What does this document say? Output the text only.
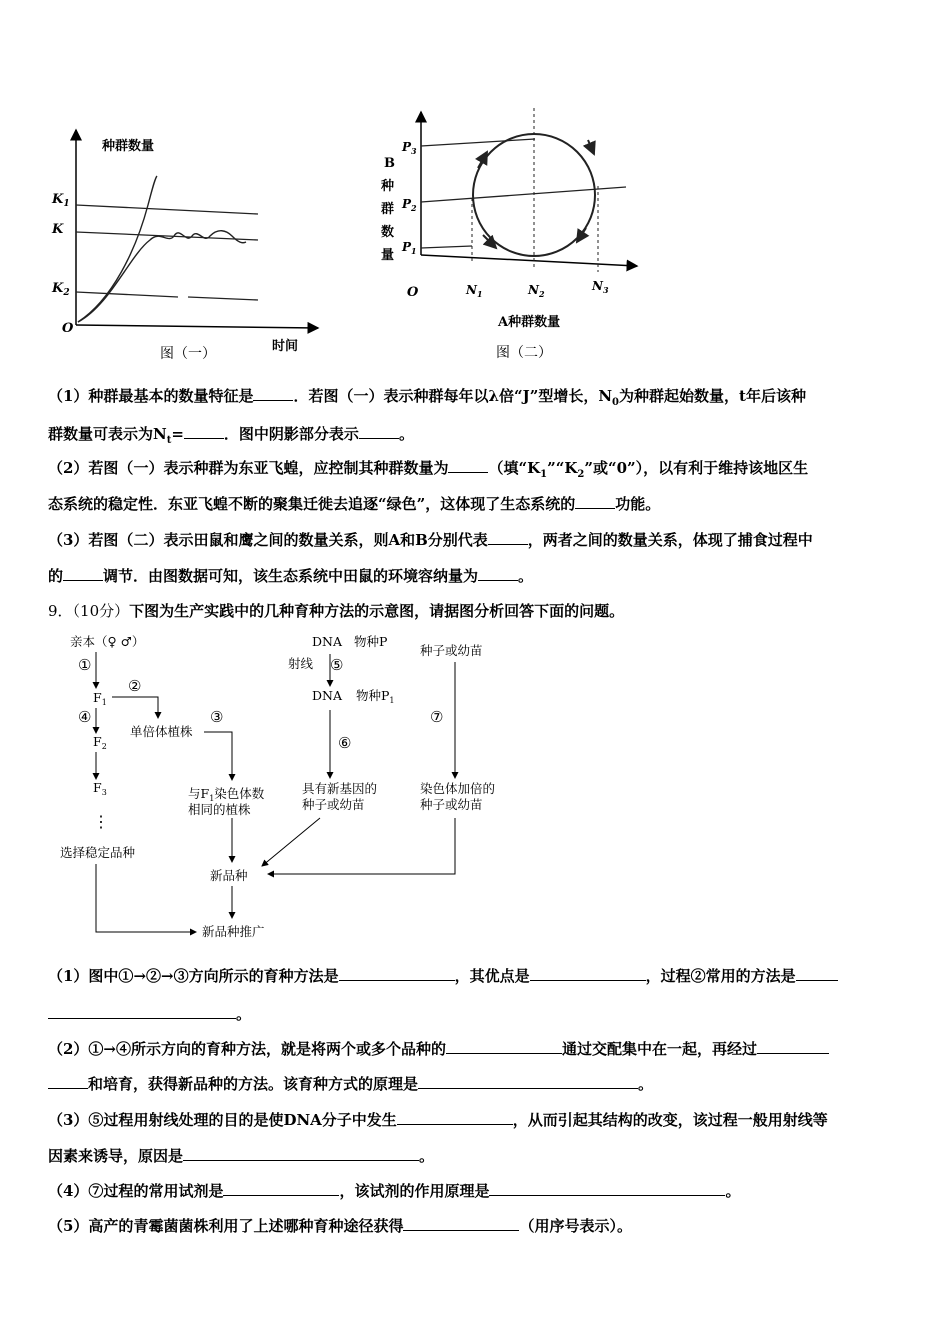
种群数量
$K_1$
K
$K_2$
O
图（一）	时间
B
种
群
数
量
$P_3$
$P_2$
$P_1$
O	$N_1$	$N_2$
$N_3$
A种群数量
图（二）
（1）种群最基本的数量特征是	．若图（一）表示种群每年以λ倍“J”型增长，$N_0$为种群起始数量，t年后该种
群数量可表示为$N_t=$	．图中阴影部分表示	。
（2）若图（一）表示种群为东亚飞蝗，应控制其种群数量为	（填“$K_1”“K_2$”或“0”），以有利于维持该地区生
态系统的稳定性．东亚飞蝗不断的聚集迁徙去追逐“绿色”，这体现了生态系统的	功能。
（3）若图（二）表示田鼠和鹰之间的数量关系，则A和B分别代表	，两者之间的数量关系，体现了捕食过程中
的	调节．由图数据可知，该生态系统中田鼠的环境容纳量为	。
9．（10分）下图为生产实践中的几种育种方法的示意图，请据图分析回答下面的问题。
亲本（♀ ♂）
①
$F_1$
②
④
$F_2$
$F_3$
⋮
选择稳定品种
单倍体植株
③
与$F_1$染色体数
相同的植株
DNA 物种P
射线 ⑤
DNA 物种$P_1$
⑥
具有新基因的
种子或幼苗
种子或幼苗
⑦
染色体加倍的
种子或幼苗
新品种
新品种推广
（1）图中①→②→③方向所示的育种方法是	，其优点是	，过程②常用的方法是
。
（2）①→④所示方向的育种方法，就是将两个或多个品种的	通过交配集中在一起，再经过
和培育，获得新品种的方法。该育种方式的原理是	。
（3）⑤过程用射线处理的目的是使DNA分子中发生	，从而引起其结构的改变，该过程一般用射线等
因素来诱导，原因是	。
（4）⑦过程的常用试剂是	，该试剂的作用原理是	。
（5）高产的青霉菌菌株利用了上述哪种育种途径获得	（用序号表示）。
